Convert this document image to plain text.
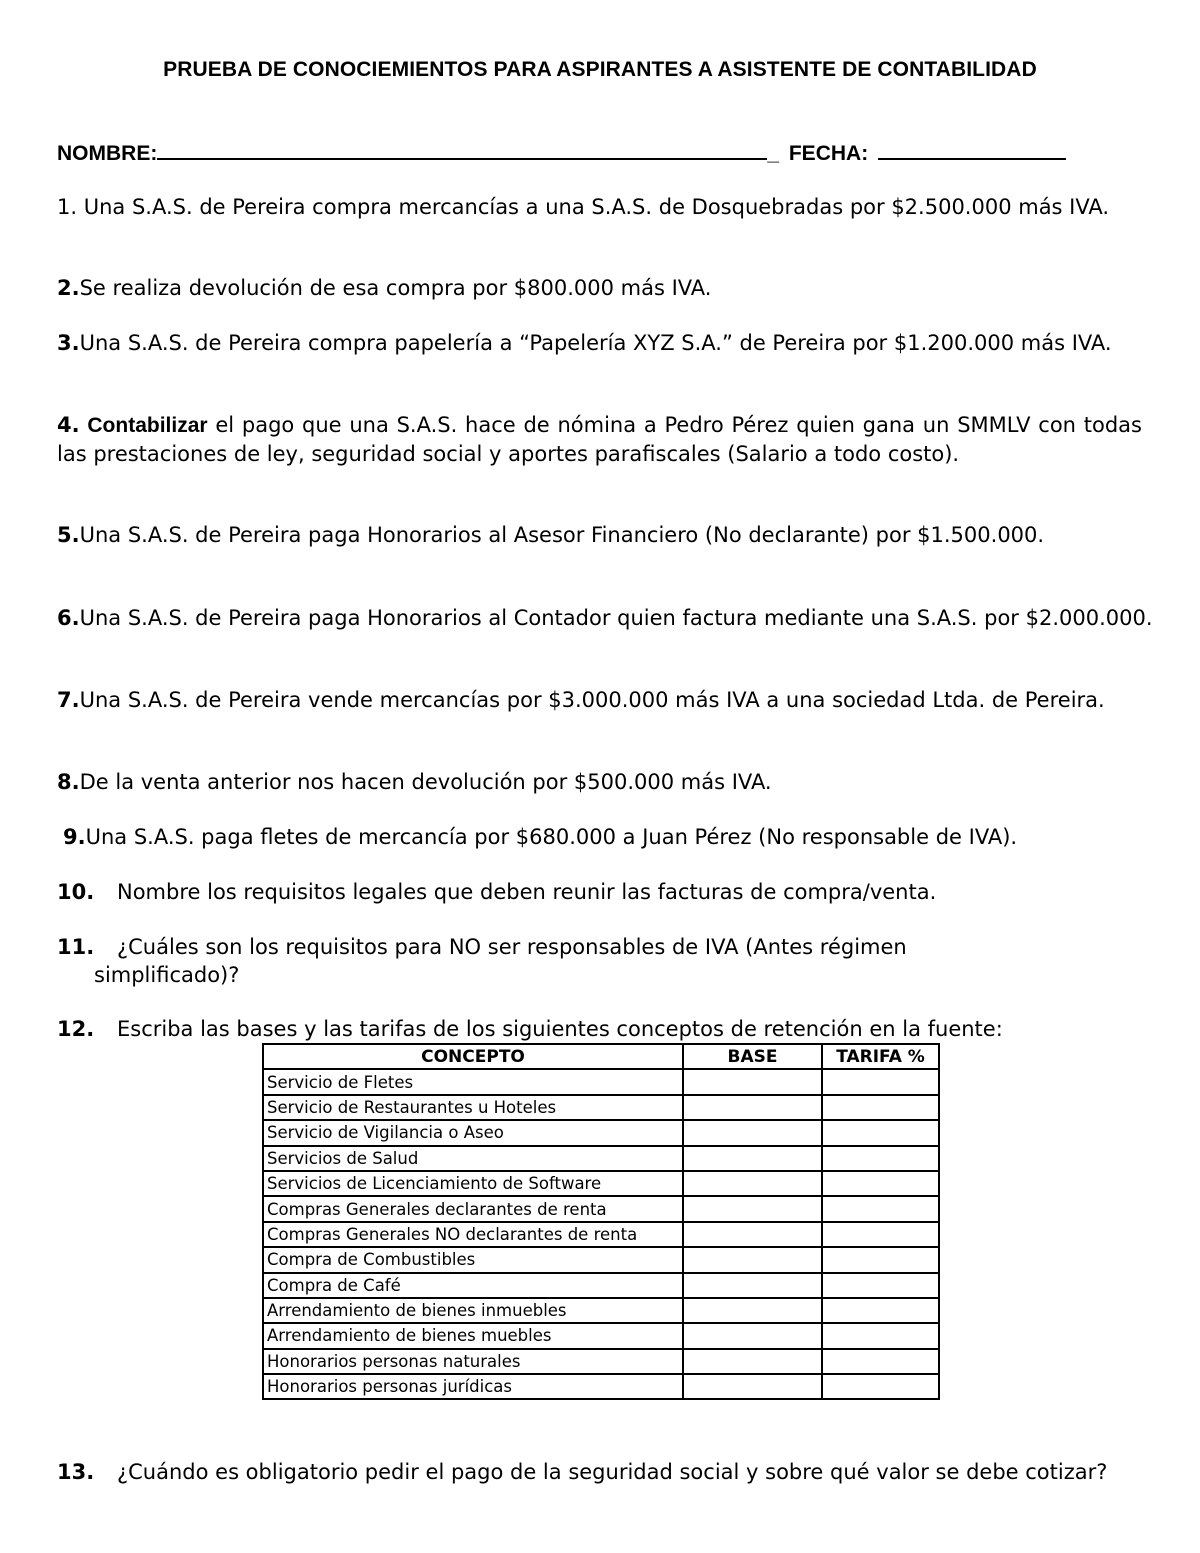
PRUEBA DE CONOCIEMIENTOS PARA ASPIRANTES A ASISTENTE DE CONTABILIDAD
NOMBRE:	_ FECHA:
1. Una S.A.S. de Pereira compra mercancías a una S.A.S. de Dosquebradas por $2.500.000 más IVA.
2.Se realiza devolución de esa compra por $800.000 más IVA.
3.Una S.A.S. de Pereira compra papelería a “Papelería XYZ S.A.” de Pereira por $1.200.000 más IVA.
4. Contabilizar el pago que una S.A.S. hace de nómina a Pedro Pérez quien gana un SMMLV con todas las prestaciones de ley, seguridad social y aportes parafiscales (Salario a todo costo).
5.Una S.A.S. de Pereira paga Honorarios al Asesor Financiero (No declarante) por $1.500.000.
6.Una S.A.S. de Pereira paga Honorarios al Contador quien factura mediante una S.A.S. por $2.000.000.
7.Una S.A.S. de Pereira vende mercancías por $3.000.000 más IVA a una sociedad Ltda. de Pereira.
8.De la venta anterior nos hacen devolución por $500.000 más IVA.
9.Una S.A.S. paga fletes de mercancía por $680.000 a Juan Pérez (No responsable de IVA).
10. Nombre los requisitos legales que deben reunir las facturas de compra/venta.
11. ¿Cuáles son los requisitos para NO ser responsables de IVA (Antes régimen simplificado)?
12. Escriba las bases y las tarifas de los siguientes conceptos de retención en la fuente:
CONCEPTO	BASE	TARIFA %
Servicio de Fletes		
Servicio de Restaurantes u Hoteles		
Servicio de Vigilancia o Aseo		
Servicios de Salud		
Servicios de Licenciamiento de Software		
Compras Generales declarantes de renta		
Compras Generales NO declarantes de renta		
Compra de Combustibles		
Compra de Café		
Arrendamiento de bienes inmuebles		
Arrendamiento de bienes muebles		
Honorarios personas naturales		
Honorarios personas jurídicas		
13. ¿Cuándo es obligatorio pedir el pago de la seguridad social y sobre qué valor se debe cotizar?
